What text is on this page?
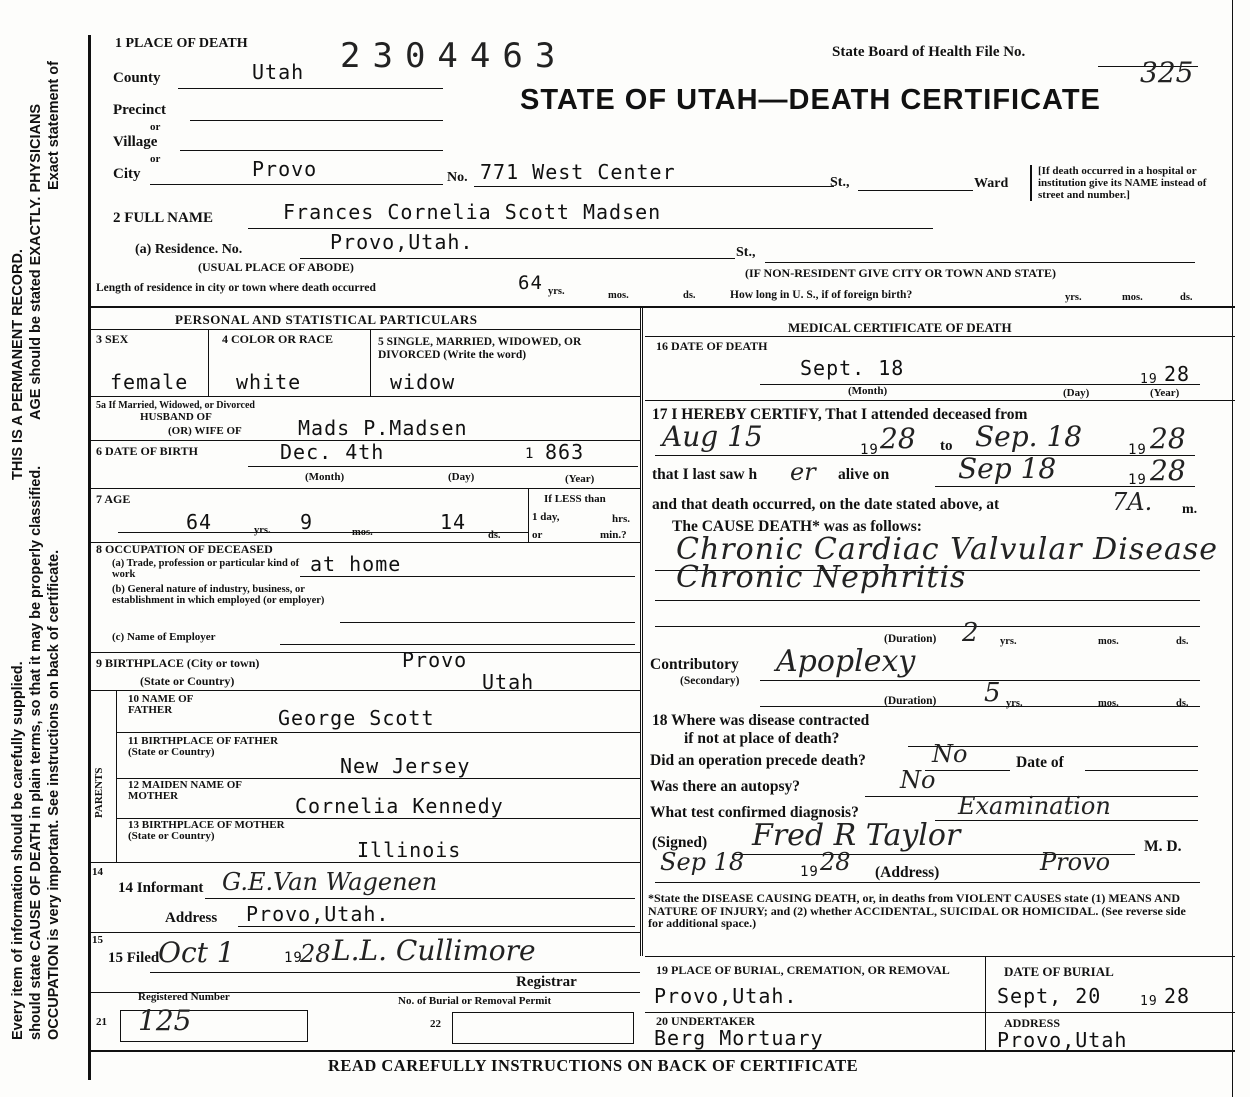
Every item of information should be carefully supplied. should state CAUSE OF DEATH in plain terms, so that it may be properly classified. OCCUPATION is very important. See instructions on back of certificate.
THIS IS A PERMANENT RECORD. AGE should be stated EXACTLY. PHYSICIANS Exact statement of
1 PLACE OF DEATH	2304463	State Board of Health File No.
325
STATE OF UTAH—DEATH CERTIFICATE
County	Utah
Precinct
or
Village
or
City	Provo	No. 771 West Center	St.,	Ward
[If death occurred in a hospital or institution give its NAME instead of street and number.]
2 FULL NAME	Frances Cornelia Scott Madsen
(a) Residence. No.	Provo,Utah.	St.,
(USUAL PLACE OF ABODE)	(IF NON-RESIDENT GIVE CITY OR TOWN AND STATE)
Length of residence in city or town where death occurred	64 yrs.	mos.	ds.	How long in U. S., if of foreign birth?	yrs.	mos.	ds.
PERSONAL AND STATISTICAL PARTICULARS
3 SEX
female
4 COLOR OR RACE
white
5 SINGLE, MARRIED, WIDOWED, OR DIVORCED (Write the word)
widow
5a If Married, Widowed, or Divorced
HUSBAND OF
(OR) WIFE OF	Mads P.Madsen
6 DATE OF BIRTH	Dec. 4th	1 863
(Month)	(Day)	(Year)
7 AGE
64	yrs. 9	mos.	14
ds.
If LESS than
1 day,	hrs.
or	min.?
8 OCCUPATION OF DECEASED
(a) Trade, profession or particular kind of work	at home
(b) General nature of industry, business, or establishment in which employed (or employer)
(c) Name of Employer
9 BIRTHPLACE (City or town)	Provo
(State or Country)	Utah
PARENTS
10 NAME OF FATHER	George Scott
11 BIRTHPLACE OF FATHER (State or Country)
New Jersey
12 MAIDEN NAME OF MOTHER	Cornelia Kennedy
13 BIRTHPLACE OF MOTHER (State or Country)
Illinois
14
14 Informant G.E.Van Wagenen
Address Provo,Utah.
15
15 Filed
Oct 1	19
28 L.L. Cullimore
Registrar
Registered Number	No. of Burial or Removal Permit
21 125	22
MEDICAL CERTIFICATE OF DEATH
16 DATE OF DEATH
Sept. 18	19 28
(Month)	(Day)	(Year)
17 I HEREBY CERTIFY, That I attended deceased from
Aug 15	19 28 to Sep. 18	19 28
that I last saw h er alive on Sep 18	19 28
and that death occurred, on the date stated above, at	7A. m.
The CAUSE DEATH* was as follows:
Chronic Cardiac Valvular Disease
Chronic Nephritis
(Duration) 2 yrs.	mos.	ds.
Contributory
(Secondary)
Apoplexy
(Duration) 5 yrs.	mos.	ds.
18 Where was disease contracted
if not at place of death?
Did an operation precede death?	No	Date of
Was there an autopsy?	No
What test confirmed diagnosis?	Examination
(Signed) Fred R Taylor	M. D.
Sep 18	19 28 (Address)	Provo
*State the DISEASE CAUSING DEATH, or, in deaths from VIOLENT CAUSES state (1) MEANS AND NATURE OF INJURY; and (2) whether ACCIDENTAL, SUICIDAL OR HOMICIDAL. (See reverse side for additional space.)
19 PLACE OF BURIAL, CREMATION, OR REMOVAL
Provo,Utah.
DATE OF BURIAL
Sept, 20	19 28
20 UNDERTAKER
Berg Mortuary
ADDRESS
Provo,Utah
READ CAREFULLY INSTRUCTIONS ON BACK OF CERTIFICATE
